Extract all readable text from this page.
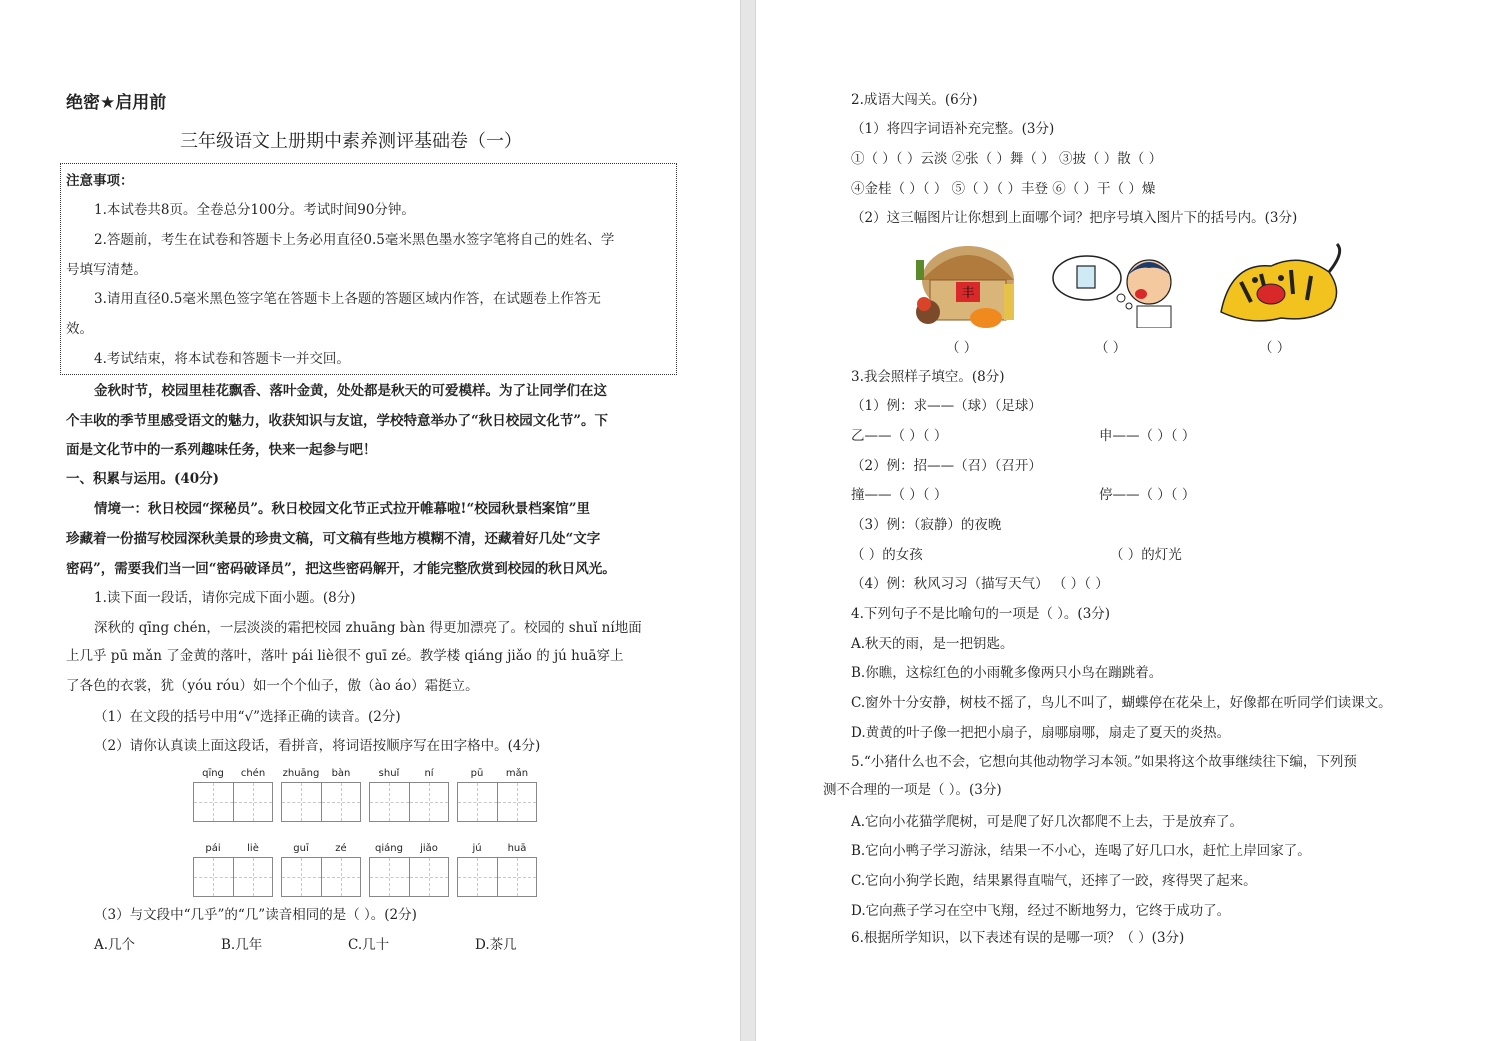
绝密★启用前
三年级语文上册期中素养测评基础卷（一）
注意事项：
1.本试卷共8页。全卷总分100分。考试时间90分钟。
2.答题前，考生在试卷和答题卡上务必用直径0.5毫米黑色墨水签字笔将自己的姓名、学
号填写清楚。
3.请用直径0.5毫米黑色签字笔在答题卡上各题的答题区域内作答，在试题卷上作答无
效。
4.考试结束，将本试卷和答题卡一并交回。
金秋时节，校园里桂花飘香、落叶金黄，处处都是秋天的可爱模样。为了让同学们在这
个丰收的季节里感受语文的魅力，收获知识与友谊，学校特意举办了“秋日校园文化节”。下
面是文化节中的一系列趣味任务，快来一起参与吧！
一、积累与运用。(40分)
情境一：秋日校园“探秘员”。秋日校园文化节正式拉开帷幕啦!“校园秋景档案馆”里
珍藏着一份描写校园深秋美景的珍贵文稿，可文稿有些地方模糊不清，还藏着好几处“文字
密码”，需要我们当一回“密码破译员”，把这些密码解开，才能完整欣赏到校园的秋日风光。
1.读下面一段话，请你完成下面小题。(8分)
深秋的 qīng chén，一层淡淡的霜把校园 zhuāng bàn 得更加漂亮了。校园的 shuǐ ní地面
上几乎 pū mǎn 了金黄的落叶，落叶 pái liè很不 guī zé。教学楼 qiáng jiǎo 的 jú huā穿上
了各色的衣裳，犹（yóu róu）如一个个仙子，傲（ào áo）霜挺立。
（1）在文段的括号中用“√”选择正确的读音。(2分)
（2）请你认真读上面这段话，看拼音，将词语按顺序写在田字格中。(4分)
qīng	chén	zhuāng	bàn	shuǐ	ní	pū	mǎn
pái	liè	guī	zé	qiáng	jiǎo	jú	huā
（3）与文段中“几乎”的“几”读音相同的是（ ）。(2分)
A.几个	B.几年	C.几十	D.茶几
2.成语大闯关。(6分)
（1）将四字词语补充完整。(3分)
①（ ）（ ）云淡 ②张（ ）舞（ ） ③披（ ）散（ ）
④金桂（ ）（ ） ⑤（ ）（ ）丰登 ⑥（ ）干（ ）燥
（2）这三幅图片让你想到上面哪个词？把序号填入图片下的括号内。(3分)
丰
（ ）	（ ）	（ ）
3.我会照样子填空。(8分)
（1）例：求——（球）（足球）
乙——（ ）（ ）	申——（ ）（ ）
（2）例：招——（召）（召开）
撞——（ ）（ ）	停——（ ）（ ）
（3）例：（寂静）的夜晚
（ ）的女孩	（ ）的灯光
（4）例：秋风习习（描写天气） （ ）（ ）
4.下列句子不是比喻句的一项是（ ）。(3分)
A.秋天的雨，是一把钥匙。
B.你瞧，这棕红色的小雨靴多像两只小鸟在蹦跳着。
C.窗外十分安静，树枝不摇了，鸟儿不叫了，蝴蝶停在花朵上，好像都在听同学们读课文。
D.黄黄的叶子像一把把小扇子，扇哪扇哪，扇走了夏天的炎热。
5.“小猪什么也不会，它想向其他动物学习本领。”如果将这个故事继续往下编，下列预
测不合理的一项是（ ）。(3分)
A.它向小花猫学爬树，可是爬了好几次都爬不上去，于是放弃了。
B.它向小鸭子学习游泳，结果一不小心，连喝了好几口水，赶忙上岸回家了。
C.它向小狗学长跑，结果累得直喘气，还摔了一跤，疼得哭了起来。
D.它向燕子学习在空中飞翔，经过不断地努力，它终于成功了。
6.根据所学知识，以下表述有误的是哪一项？（ ）(3分)
